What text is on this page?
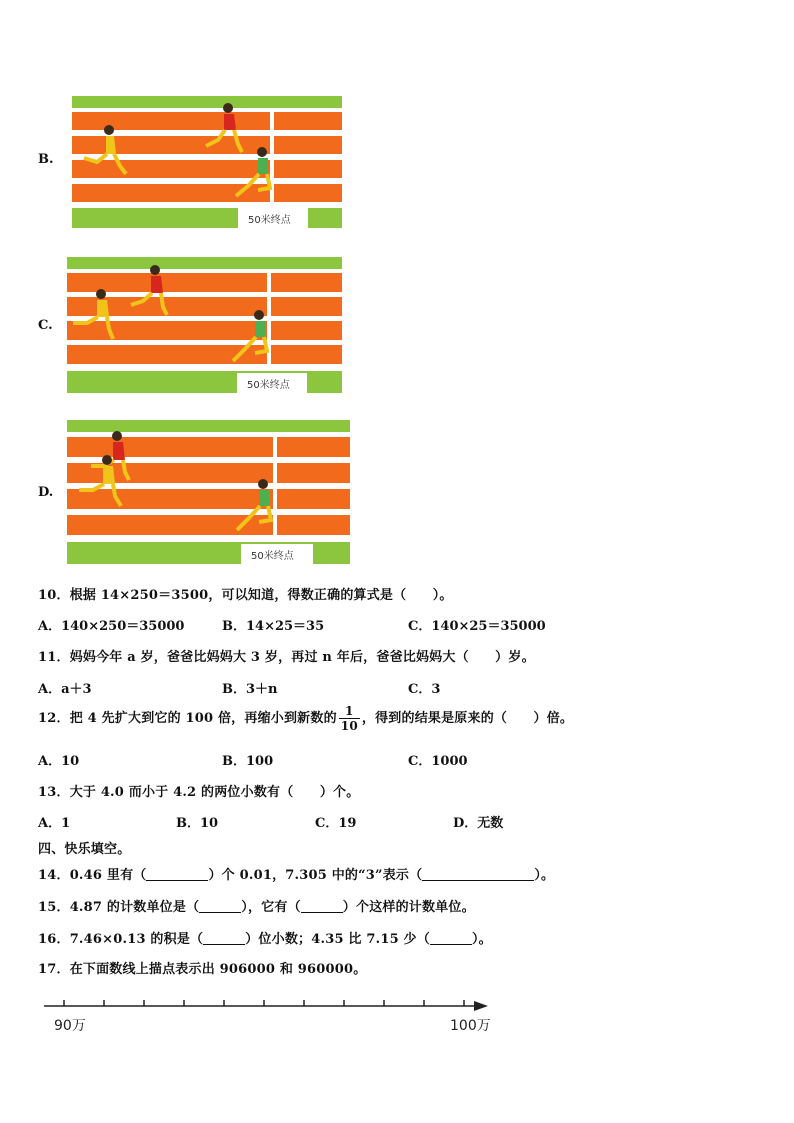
B.
50米终点
C.
50米终点
D.
50米终点
10．根据 14×250＝3500，可以知道，得数正确的算式是（　　）。
A．140×250＝35000	B．14×25＝35	C．140×25＝35000
11．妈妈今年 a 岁，爸爸比妈妈大 3 岁，再过 n 年后，爸爸比妈妈大（　　）岁。
A．a＋3	B．3＋n	C．3
12．把 4 先扩大到它的 100 倍，再缩小到新数的 $\frac{1}{10}$ ，得到的结果是原来的（　　）倍。
A．10	B．100	C．1000
13．大于 4.0 而小于 4.2 的两位小数有（　　）个。
A．1	B．10	C．19	D．无数
四、快乐填空。
14．0.46 里有（	）个 0.01，7.305 中的“3”表示（	）。
15．4.87 的计数单位是（	），它有（	）个这样的计数单位。
16．7.46×0.13 的积是（	）位小数；4.35 比 7.15 少（	）。
17．在下面数线上描点表示出 906000 和 960000。
90万	100万
